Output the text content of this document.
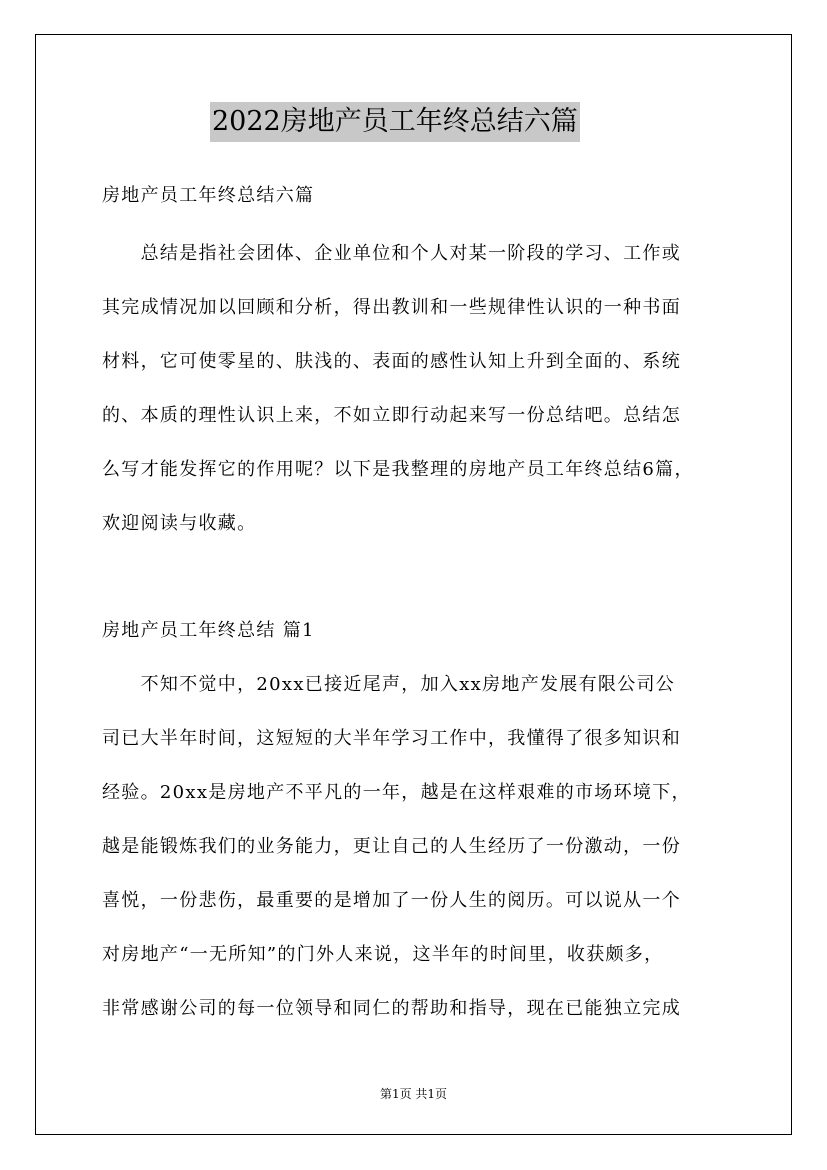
2022房地产员工年终总结六篇
房地产员工年终总结六篇
　　总结是指社会团体、企业单位和个人对某一阶段的学习、工作或
其完成情况加以回顾和分析，得出教训和一些规律性认识的一种书面
材料，它可使零星的、肤浅的、表面的感性认知上升到全面的、系统
的、本质的理性认识上来，不如立即行动起来写一份总结吧。总结怎
么写才能发挥它的作用呢？以下是我整理的房地产员工年终总结6篇，
欢迎阅读与收藏。
房地产员工年终总结 篇1
　　不知不觉中，20xx已接近尾声，加入xx房地产发展有限公司公
司已大半年时间，这短短的大半年学习工作中，我懂得了很多知识和
经验。20xx是房地产不平凡的一年，越是在这样艰难的市场环境下，
越是能锻炼我们的业务能力，更让自己的人生经历了一份激动，一份
喜悦，一份悲伤，最重要的是增加了一份人生的阅历。可以说从一个
对房地产“一无所知”的门外人来说，这半年的时间里，收获颇多，
非常感谢公司的每一位领导和同仁的帮助和指导，现在已能独立完成
第1页 共1页
